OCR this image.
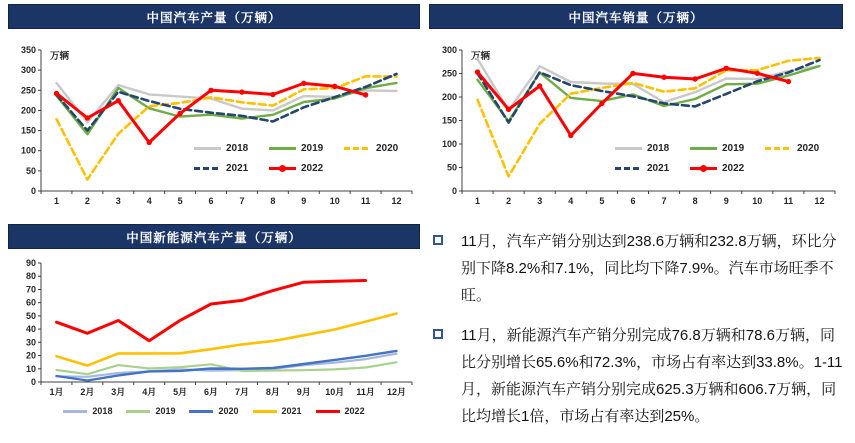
中国汽车产量（万辆）
0
50
100
150
200
250
300
350
1	2	3	4	5	6	7	8	9	10 11 12
万辆
2018	2019	2020
2021	2022
中国新能源汽车产量（万辆）
0
10
20
30
40
50
60
70
80
90
1月 2月 3月 4月 5月 6月 7月 8月 9月 10月 11月 12月
2018	2019	2020	2021	2022
中国汽车销量（万辆）
0
50
100
150
200
250
300
1	2	3	4	5	6	7	8	9	10 11 12
万辆
2018	2019	2020
2021	2022
11月，汽车产销分别达到238.6万辆和232.8万辆，环比分别下降8.2%和7.1%，同比均下降7.9%。汽车市场旺季不旺。
11月，新能源汽车产销分别完成76.8万辆和78.6万辆，同比分别增长65.6%和72.3%，市场占有率达到33.8%。1-11月，新能源汽车产销分别完成625.3万辆和606.7万辆，同比均增长1倍，市场占有率达到25%。
